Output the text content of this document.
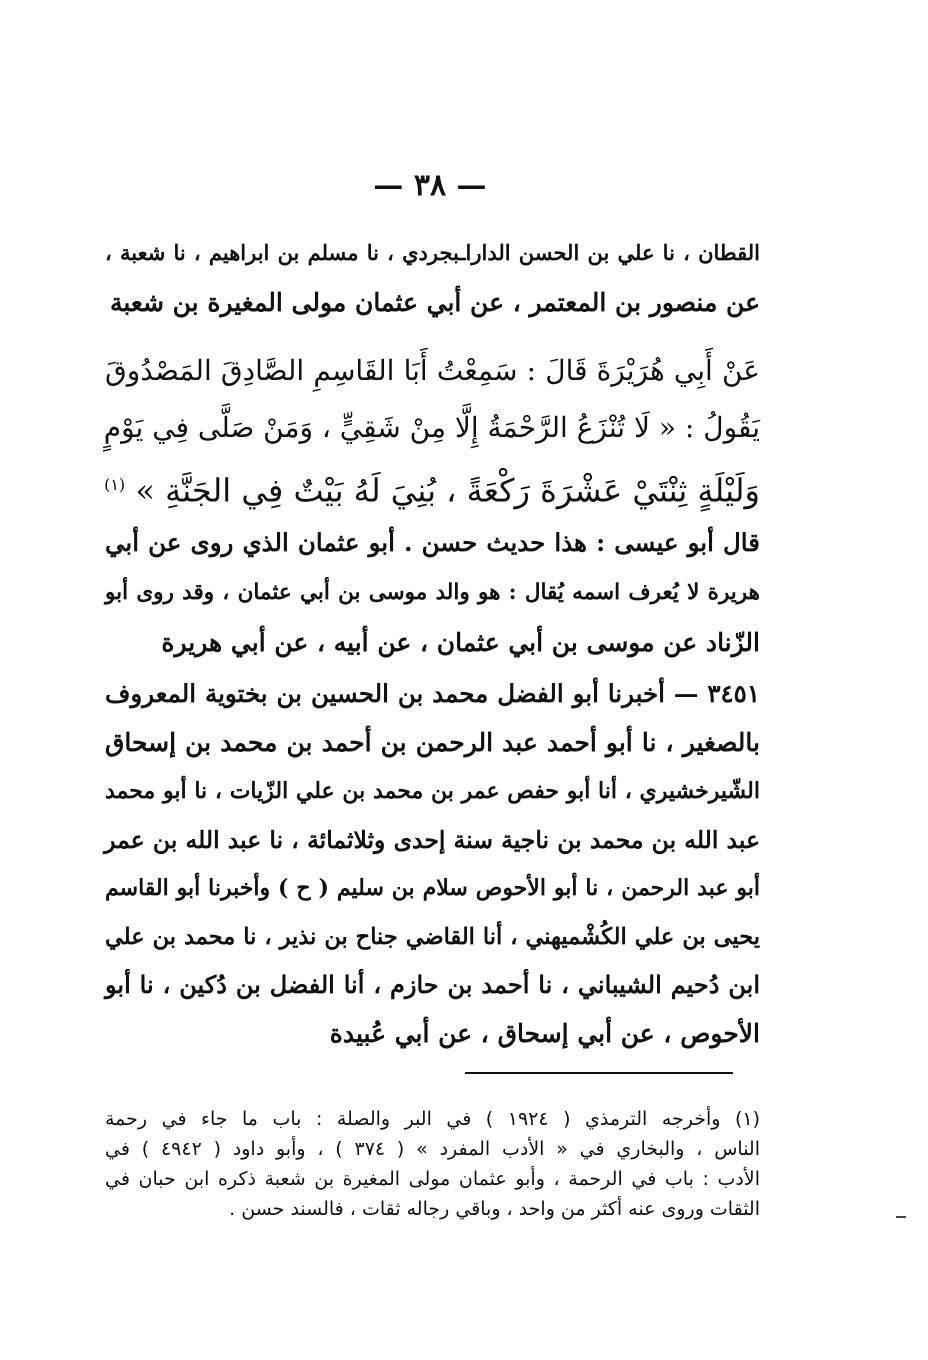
— ٣٨ —
القطان ، نا علي بن الحسن الداراـبجردي ، نا مسلم بن ابراهيم ، نا شعبة ،
عن منصور بن المعتمر ، عن أبي عثمان مولى المغيرة بن شعبة
عَنْ أَبِي هُرَيْرَةَ قَالَ : سَمِعْتُ أَبَا القَاسِمِ الصَّادِقَ المَصْدُوقَ
يَقُولُ : « لَا تُنْزَعُ الرَّحْمَةُ إِلَّا مِنْ شَقِيٍّ ، وَمَنْ صَلَّى فِي يَوْمٍ
وَلَيْلَةٍ ثِنْتَيْ عَشْرَةَ رَكْعَةً ، بُنِيَ لَهُ بَيْتٌ فِي الجَنَّةِ » $^{(١)}$
قال أبو عيسى : هذا حديث حسن . أبو عثمان الذي روى عن أبي
هريرة لا يُعرف اسمه يُقال : هو والد موسى بن أبي عثمان ، وقد روى أبو
الزّناد عن موسى بن أبي عثمان ، عن أبيه ، عن أبي هريرة
٣٤٥١ — أخبرنا أبو الفضل محمد بن الحسين بن بختوية المعروف
بالصغير ، نا أبو أحمد عبد الرحمن بن أحمد بن محمد بن إسحاق
الشّيرخشيري ، أنا أبو حفص عمر بن محمد بن علي الزّيات ، نا أبو محمد
عبد الله بن محمد بن ناجية سنة إحدى وثلاثمائة ، نا عبد الله بن عمر
أبو عبد الرحمن ، نا أبو الأحوص سلام بن سليم ( ح ) وأخبرنا أبو القاسم
يحيى بن علي الكُشْميهني ، أنا القاضي جناح بن نذير ، نا محمد بن علي
ابن دُحيم الشيباني ، نا أحمد بن حازم ، أنا الفضل بن دُكين ، نا أبو
الأحوص ، عن أبي إسحاق ، عن أبي عُبيدة
(١) وأخرجه الترمذي ( ١٩٢٤ ) في البر والصلة : باب ما جاء في رحمة
الناس ، والبخاري في « الأدب المفرد » ( ٣٧٤ ) ، وأبو داود ( ٤٩٤٢ ) في
الأدب : باب في الرحمة ، وأبو عثمان مولى المغيرة بن شعبة ذكره ابن حبان في
الثقات وروى عنه أكثر من واحد ، وباقي رجاله ثقات ، فالسند حسن .
